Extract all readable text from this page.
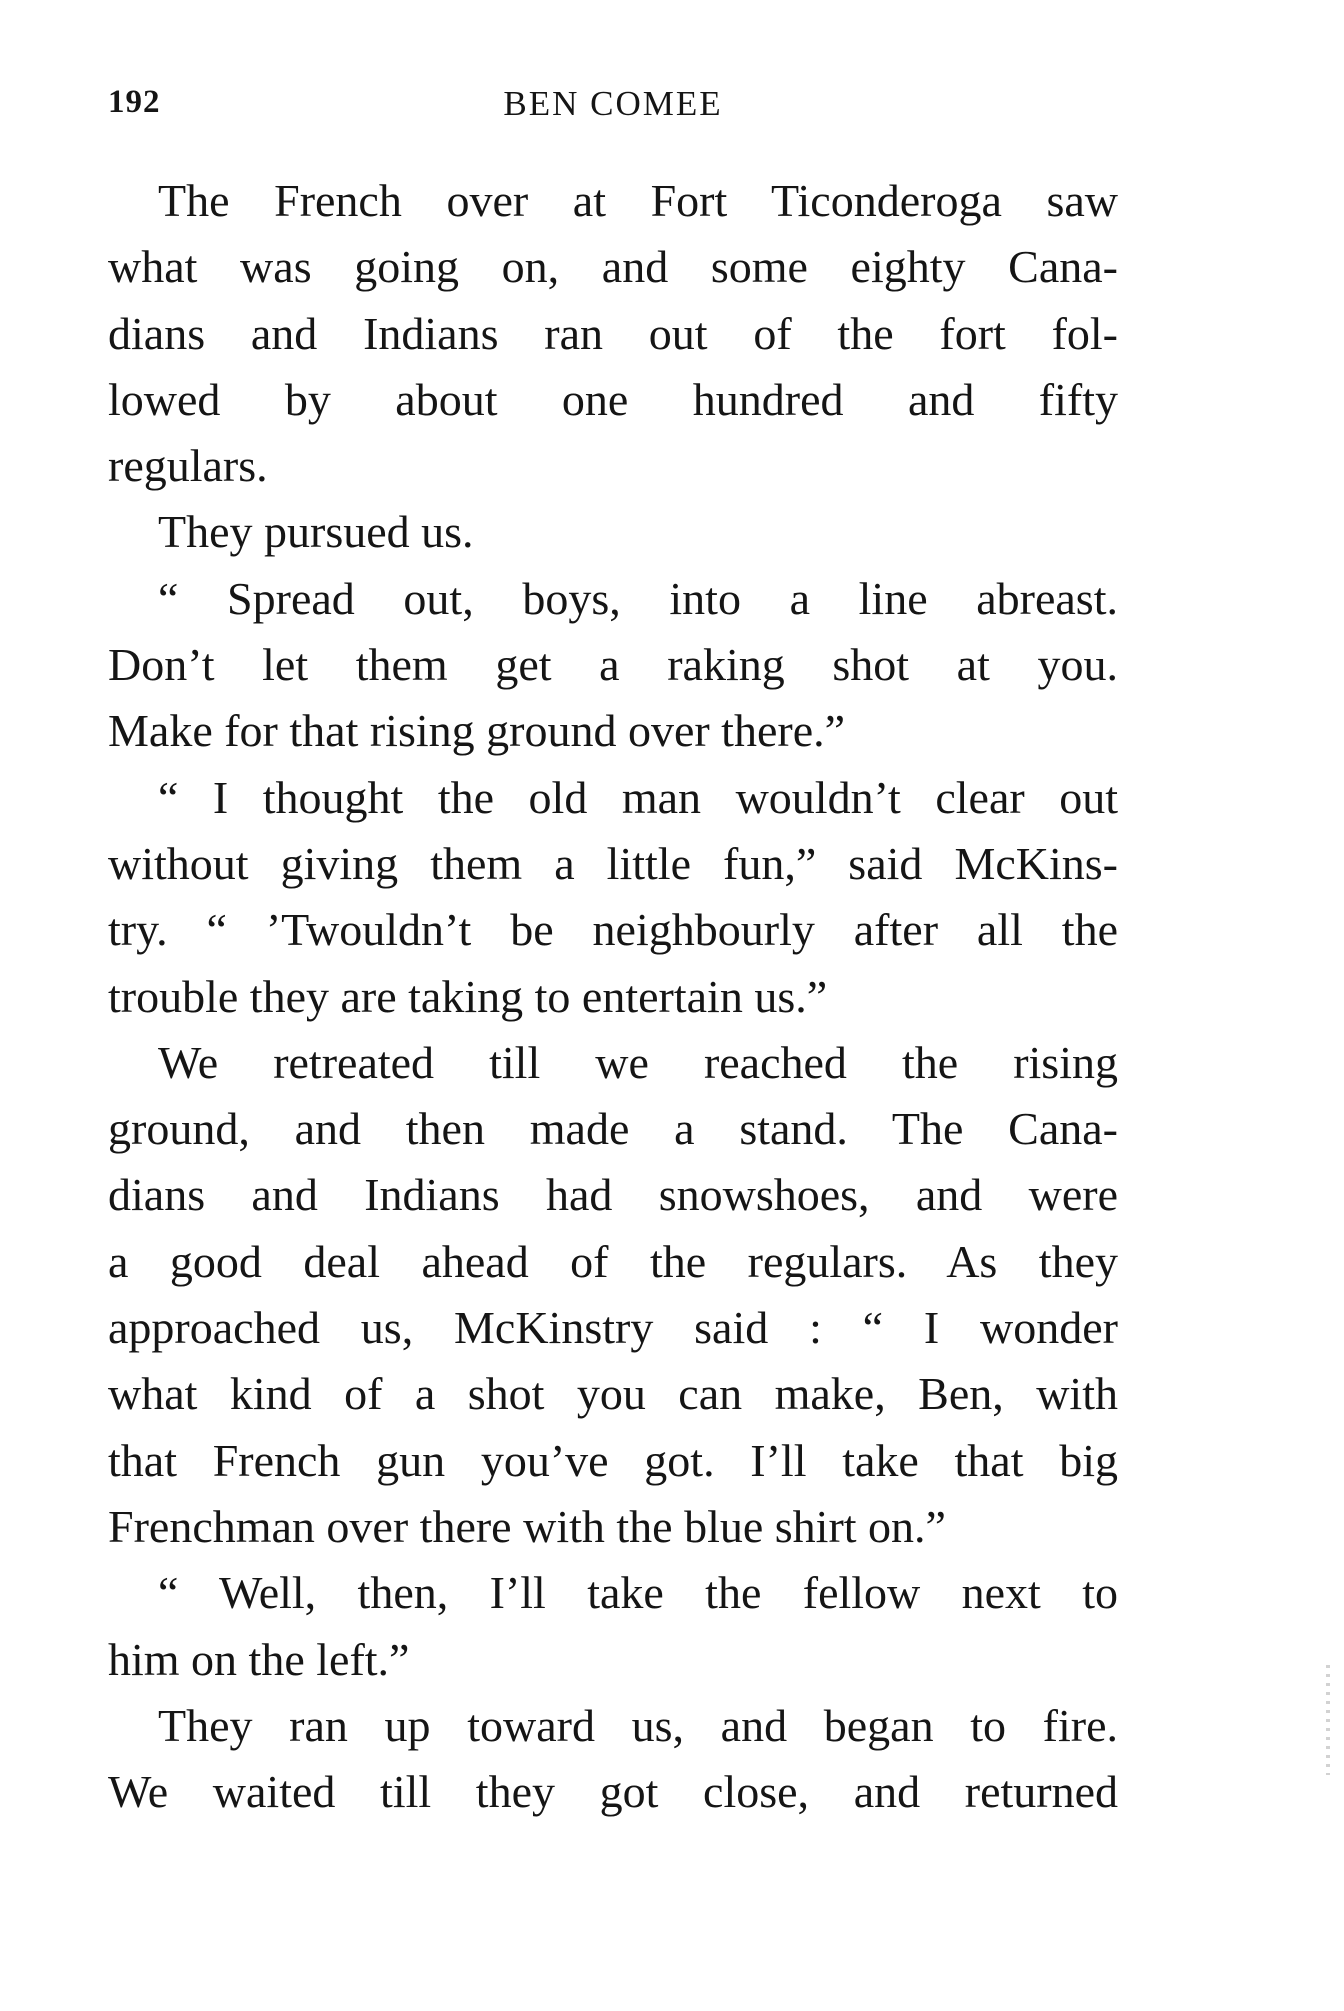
192	BEN COMEE
The French over at Fort Ticonderoga saw
what was going on, and some eighty Cana-
dians and Indians ran out of the fort fol-
lowed by about one hundred and fifty
regulars.
They pursued us.
“ Spread out, boys, into a line abreast.
Don’t let them get a raking shot at you.
Make for that rising ground over there.”
“ I thought the old man wouldn’t clear out
without giving them a little fun,” said McKins-
try. “ ’Twouldn’t be neighbourly after all the
trouble they are taking to entertain us.”
We retreated till we reached the rising
ground, and then made a stand. The Cana-
dians and Indians had snowshoes, and were
a good deal ahead of the regulars. As they
approached us, McKinstry said : “ I wonder
what kind of a shot you can make, Ben, with
that French gun you’ve got. I’ll take that big
Frenchman over there with the blue shirt on.”
“ Well, then, I’ll take the fellow next to
him on the left.”
They ran up toward us, and began to fire.
We waited till they got close, and returned
